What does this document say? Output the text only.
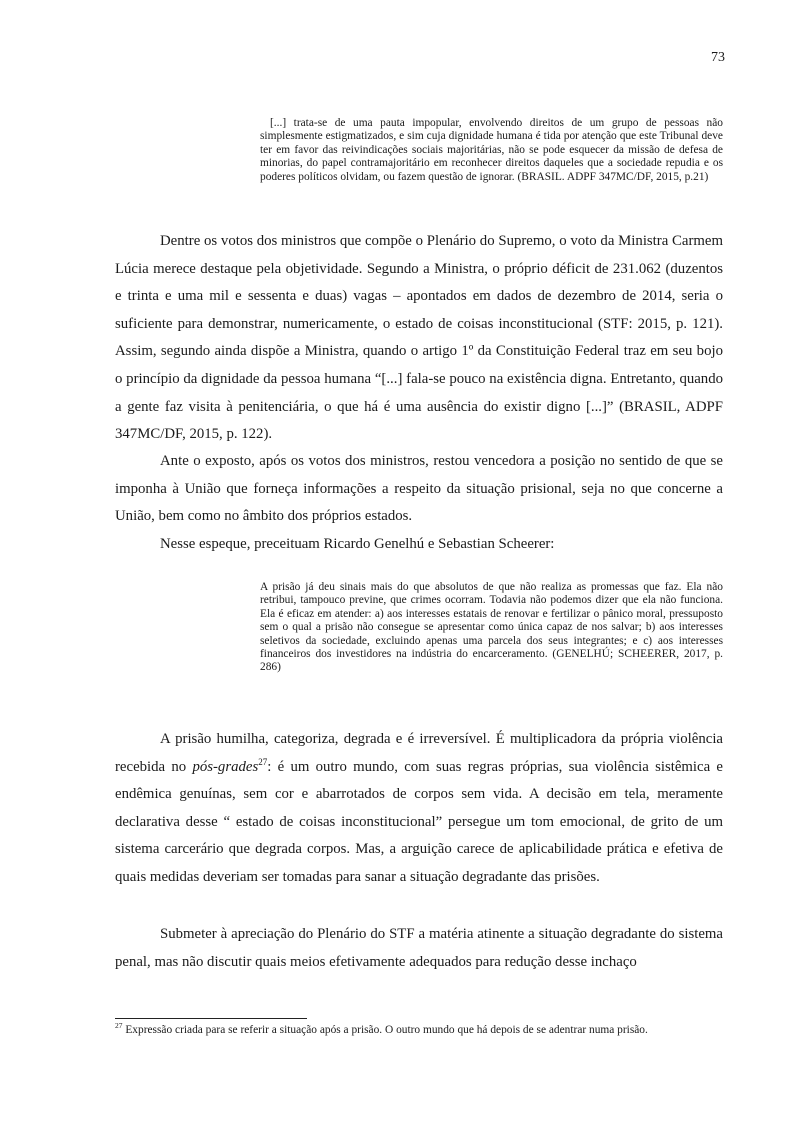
73
[...] trata-se de uma pauta impopular, envolvendo direitos de um grupo de pessoas não simplesmente estigmatizados, e sim cuja dignidade humana é tida por atenção que este Tribunal deve ter em favor das reivindicações sociais majoritárias, não se pode esquecer da missão de defesa de minorias, do papel contramajoritário em reconhecer direitos daqueles que a sociedade repudia e os poderes políticos olvidam, ou fazem questão de ignorar. (BRASIL. ADPF 347MC/DF, 2015, p.21)

Dentre os votos dos ministros que compõe o Plenário do Supremo, o voto da Ministra Carmem Lúcia merece destaque pela objetividade. Segundo a Ministra, o próprio déficit de 231.062 (duzentos e trinta e uma mil e sessenta e duas) vagas – apontados em dados de dezembro de 2014, seria o suficiente para demonstrar, numericamente, o estado de coisas inconstitucional (STF: 2015, p. 121). Assim, segundo ainda dispõe a Ministra, quando o artigo 1º da Constituição Federal traz em seu bojo o princípio da dignidade da pessoa humana “[...] fala-se pouco na existência digna. Entretanto, quando a gente faz visita à penitenciária, o que há é uma ausência do existir digno [...]” (BRASIL, ADPF 347MC/DF, 2015, p. 122).

Ante o exposto, após os votos dos ministros, restou vencedora a posição no sentido de que se imponha à União que forneça informações a respeito da situação prisional, seja no que concerne a União, bem como no âmbito dos próprios estados.

Nesse espeque, preceituam Ricardo Genelhú e Sebastian Scheerer:

A prisão já deu sinais mais do que absolutos de que não realiza as promessas que faz. Ela não retribui, tampouco previne, que crimes ocorram. Todavia não podemos dizer que ela não funciona. Ela é eficaz em atender: a) aos interesses estatais de renovar e fertilizar o pânico moral, pressuposto sem o qual a prisão não consegue se apresentar como única capaz de nos salvar; b) aos interesses seletivos da sociedade, excluindo apenas uma parcela dos seus integrantes; e c) aos interesses financeiros dos investidores na indústria do encarceramento. (GENELHÚ; SCHEERER, 2017, p. 286)

A prisão humilha, categoriza, degrada e é irreversível. É multiplicadora da própria violência recebida no pós-grades$^{27}$: é um outro mundo, com suas regras próprias, sua violência sistêmica e endêmica genuínas, sem cor e abarrotados de corpos sem vida. A decisão em tela, meramente declarativa desse “ estado de coisas inconstitucional” persegue um tom emocional, de grito de um sistema carcerário que degrada corpos. Mas, a arguição carece de aplicabilidade prática e efetiva de quais medidas deveriam ser tomadas para sanar a situação degradante das prisões.

Submeter à apreciação do Plenário do STF a matéria atinente a situação degradante do sistema penal, mas não discutir quais meios efetivamente adequados para redução desse inchaço

$^{27}$ Expressão criada para se referir a situação após a prisão. O outro mundo que há depois de se adentrar numa prisão.
